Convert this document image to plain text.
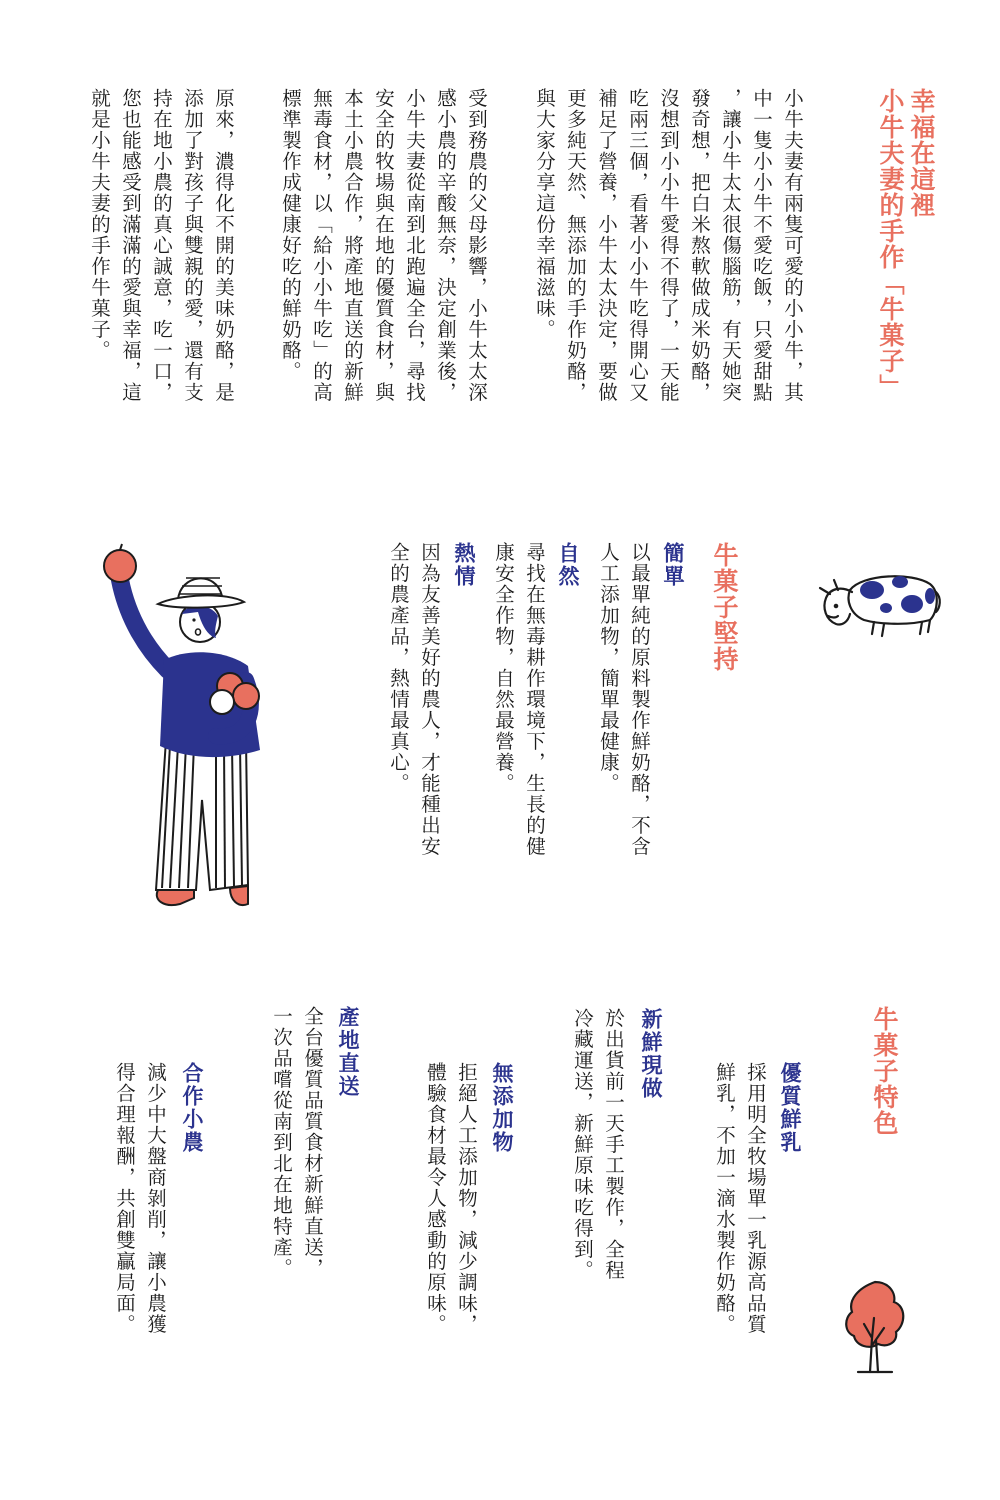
幸福在這裡
小牛夫妻的手作「牛菓子」
小牛夫妻有兩隻可愛的小小牛，其
中一隻小小牛不愛吃飯，只愛甜點
，讓小牛太太很傷腦筋，有天她突
發奇想，把白米熬軟做成米奶酪，
沒想到小小牛愛得不得了，一天能
吃兩三個，看著小小牛吃得開心又
補足了營養，小牛太太決定，要做
更多純天然、無添加的手作奶酪，
與大家分享這份幸福滋味。
受到務農的父母影響，小牛太太深
感小農的辛酸無奈，決定創業後，
小牛夫妻從南到北跑遍全台，尋找
安全的牧場與在地的優質食材，與
本土小農合作，將產地直送的新鮮
無毒食材，以「給小小牛吃」的高
標準製作成健康好吃的鮮奶酪。
原來，濃得化不開的美味奶酪，是
添加了對孩子與雙親的愛，還有支
持在地小農的真心誠意，吃一口，
您也能感受到滿滿的愛與幸福，這
就是小牛夫妻的手作牛菓子。
牛菓子堅持
簡單
以最單純的原料製作鮮奶酪，不含
人工添加物，簡單最健康。
自然
尋找在無毒耕作環境下，生長的健
康安全作物，自然最營養。
熱情
因為友善美好的農人，才能種出安
全的農產品，熱情最真心。
牛菓子特色
優質鮮乳
採用明全牧場單一乳源高品質
鮮乳，不加一滴水製作奶酪。
新鮮現做
於出貨前一天手工製作，全程
冷藏運送，新鮮原味吃得到。
無添加物
拒絕人工添加物，減少調味，
體驗食材最令人感動的原味。
產地直送
全台優質品質食材新鮮直送，
一次品嚐從南到北在地特產。
合作小農
減少中大盤商剝削，讓小農獲
得合理報酬，共創雙贏局面。
